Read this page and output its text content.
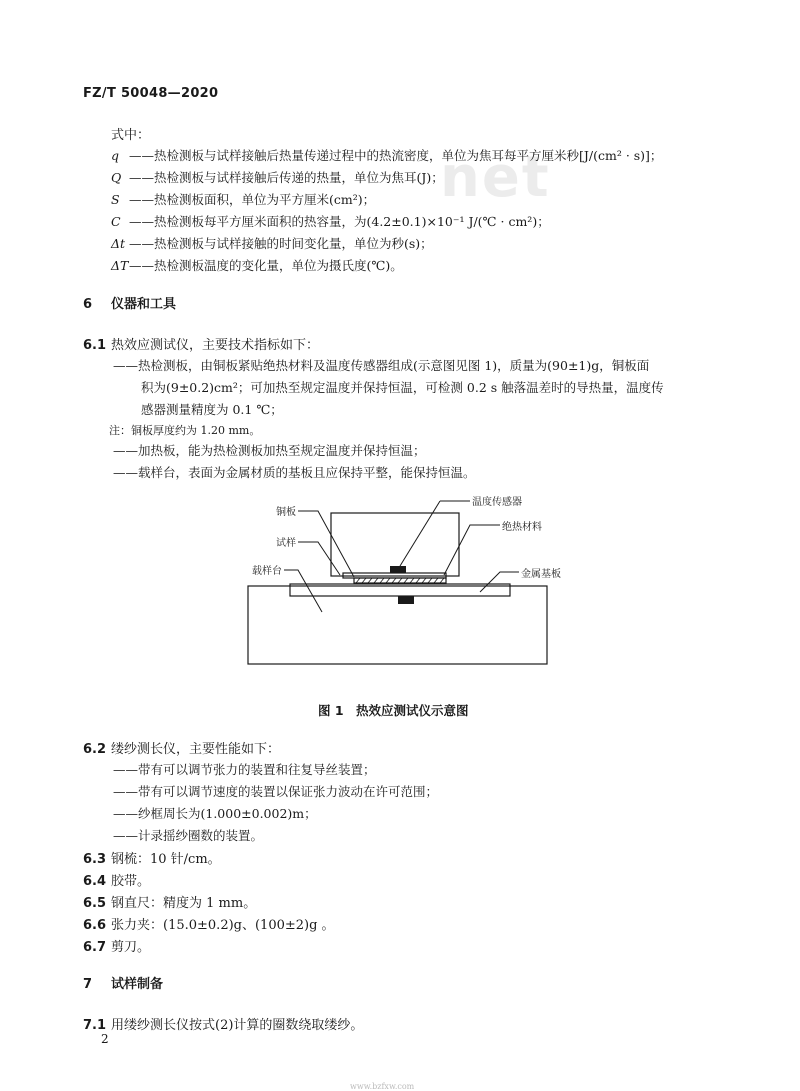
net
FZ/T 50048—2020
式中：
q ——热检测板与试样接触后热量传递过程中的热流密度，单位为焦耳每平方厘米秒[J/(cm² · s)]；
Q ——热检测板与试样接触后传递的热量，单位为焦耳(J)；
S ——热检测板面积，单位为平方厘米(cm²)；
C ——热检测板每平方厘米面积的热容量，为(4.2±0.1)×10⁻¹ J/(℃ · cm²)；
Δt ——热检测板与试样接触的时间变化量，单位为秒(s)；
ΔT——热检测板温度的变化量，单位为摄氏度(℃)。
6 仪器和工具
6.1 热效应测试仪，主要技术指标如下：
——热检测板，由铜板紧贴绝热材料及温度传感器组成(示意图见图 1)，质量为(90±1)g，铜板面
积为(9±0.2)cm²；可加热至规定温度并保持恒温，可检测 0.2 s 触落温差时的导热量，温度传
感器测量精度为 0.1 ℃；
注：铜板厚度约为 1.20 mm。
——加热板，能为热检测板加热至规定温度并保持恒温；
——载样台，表面为金属材质的基板且应保持平整，能保持恒温。
铜板
温度传感器
绝热材料
试样
载样台	金属基板
图 1　热效应测试仪示意图
6.2 缕纱测长仪，主要性能如下：
——带有可以调节张力的装置和往复导丝装置；
——带有可以调节速度的装置以保证张力波动在许可范围；
——纱框周长为(1.000±0.002)m；
——计录摇纱圈数的装置。
6.3 钢梳：10 针/cm。
6.4 胶带。
6.5 钢直尺：精度为 1 mm。
6.6 张力夹：(15.0±0.2)g、(100±2)g 。
6.7 剪刀。
7 试样制备
7.1 用缕纱测长仪按式(2)计算的圈数绕取缕纱。
2
www.bzfxw.com
